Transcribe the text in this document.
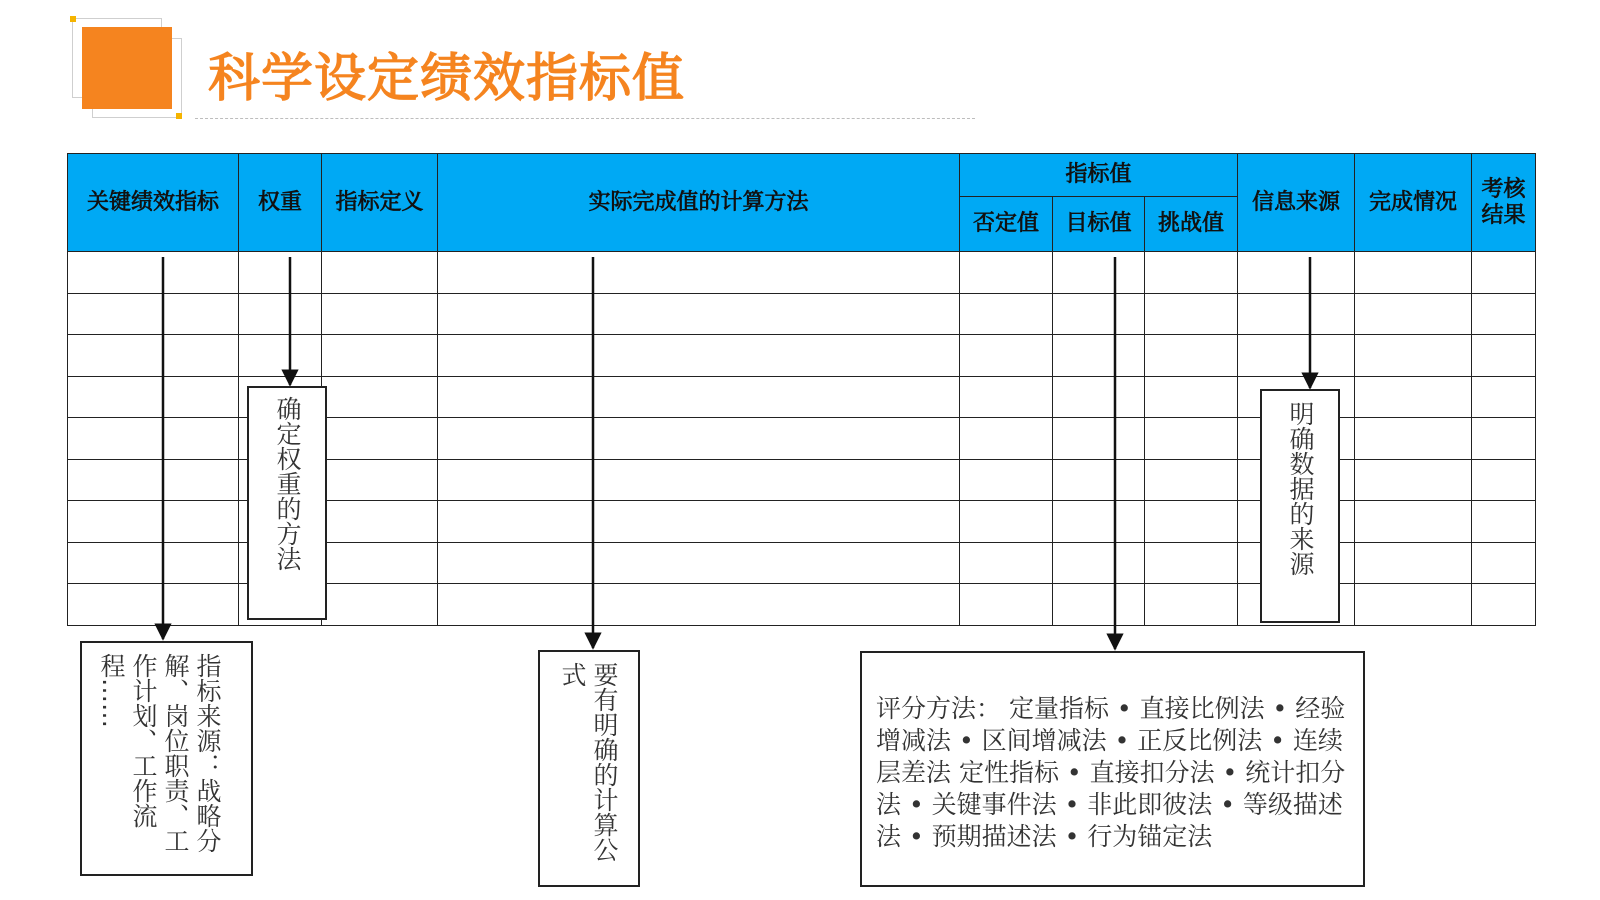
科学设定绩效指标值
关键绩效指标	权重	指标定义	实际完成值的计算方法	指标值			信息来源	完成情况	考核结果
				否定值	目标值	挑战值			

确定权重的方法	明确数据的来源
指标来源：战略分解、岗位职责、工作计划、工作流程……	要有明确的计算公式
评分方法： 定量指标 • 直接比例法 • 经验增减法 • 区间增减法 • 正反比例法 • 连续层差法 定性指标 • 直接扣分法 • 统计扣分法 • 关键事件法 • 非此即彼法 • 等级描述法 • 预期描述法 • 行为锚定法
